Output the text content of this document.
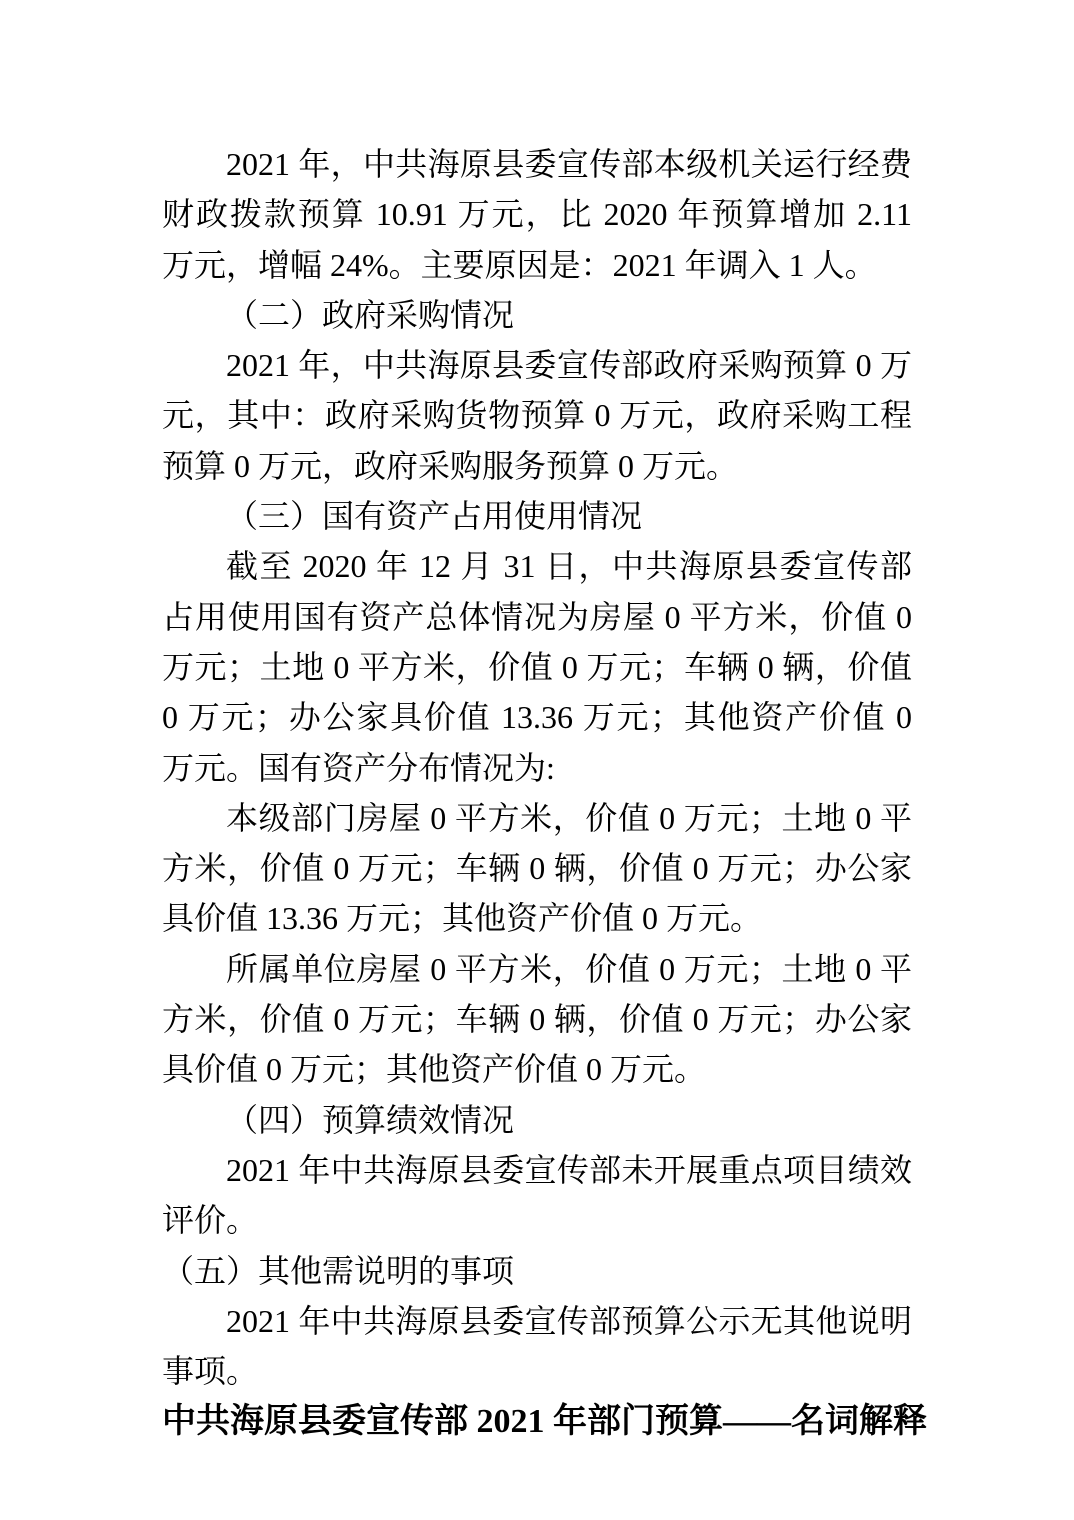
2021 年，中共海原县委宣传部本级机关运行经费财政拨款预算 10.91 万元，比 2020 年预算增加 2.11 万元，增幅 24%。主要原因是：2021 年调入 1 人。

（二）政府采购情况

2021 年，中共海原县委宣传部政府采购预算 0 万元，其中：政府采购货物预算 0 万元，政府采购工程预算 0 万元，政府采购服务预算 0 万元。

（三）国有资产占用使用情况

截至 2020 年 12 月 31 日，中共海原县委宣传部占用使用国有资产总体情况为房屋 0 平方米，价值 0 万元；土地 0 平方米，价值 0 万元；车辆 0 辆，价值 0 万元；办公家具价值 13.36 万元；其他资产价值 0 万元。国有资产分布情况为:

本级部门房屋 0 平方米，价值 0 万元；土地 0 平方米，价值 0 万元；车辆 0 辆，价值 0 万元；办公家具价值 13.36 万元；其他资产价值 0 万元。

所属单位房屋 0 平方米，价值 0 万元；土地 0 平方米，价值 0 万元；车辆 0 辆，价值 0 万元；办公家具价值 0 万元；其他资产价值 0 万元。

（四）预算绩效情况

2021 年中共海原县委宣传部未开展重点项目绩效评价。

（五）其他需说明的事项

2021 年中共海原县委宣传部预算公示无其他说明事项。

中共海原县委宣传部 2021 年部门预算——名词解释
